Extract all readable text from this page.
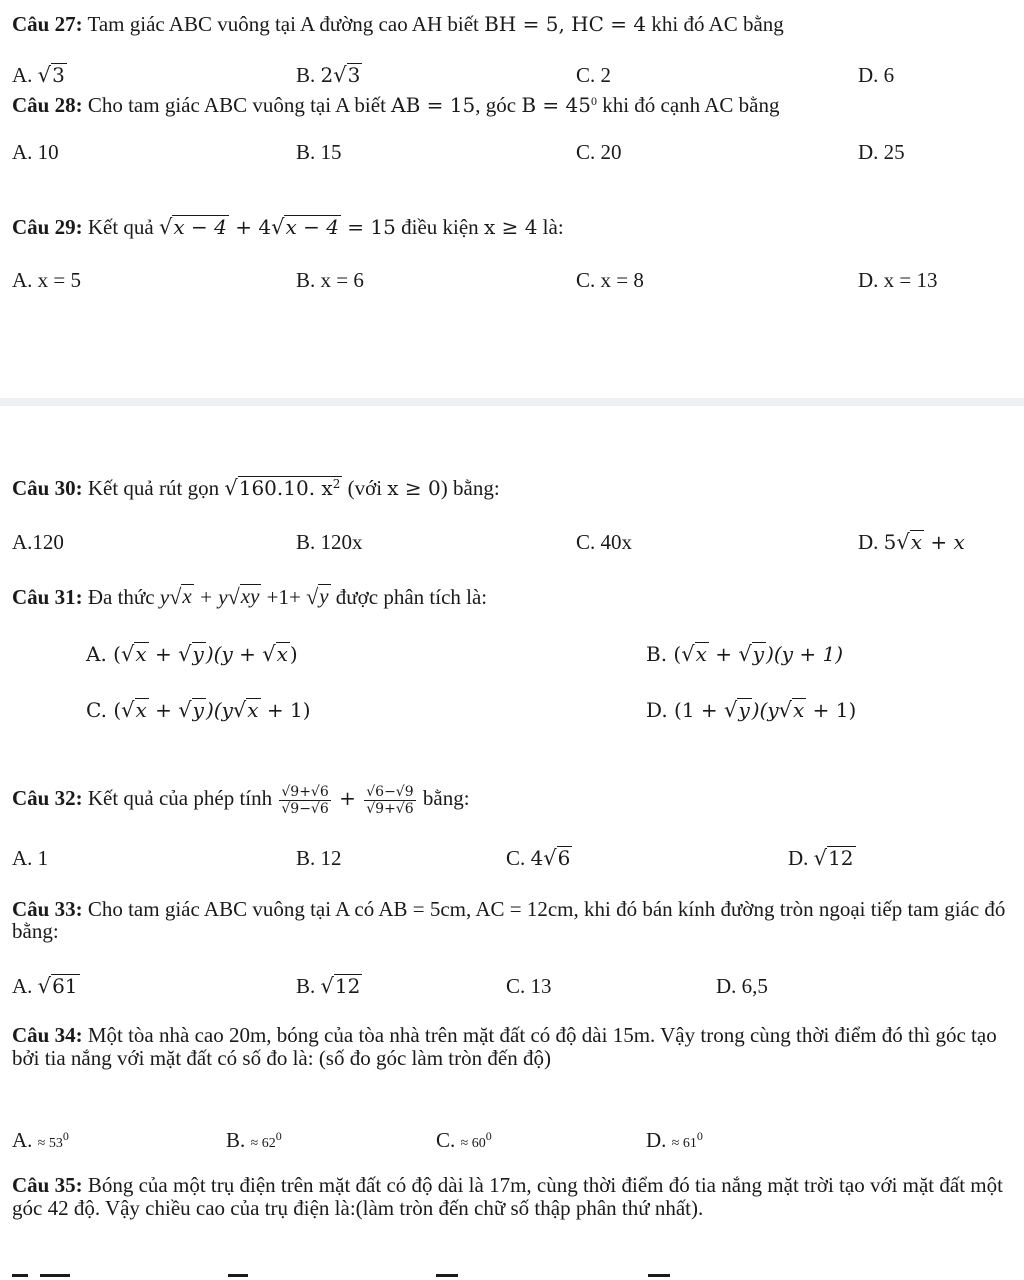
Câu 27: Tam giác ABC vuông tại A đường cao AH biết BH = 5, HC = 4 khi đó AC bằng
A. √ 3	B. 2 √ 3	C. 2	D. 6
Câu 28: Cho tam giác ABC vuông tại A biết AB = 15, góc $B = 45^0$ khi đó cạnh AC bằng
A. 10	B. 15	C. 20	D. 25
Câu 29: Kết quả √ x − 4 + 4 √ x − 4 = 15 điều kiện x ≥ 4 là:
A. x = 5	B. x = 6	C. x = 8	D. x = 13
Câu 30: Kết quả rút gọn √ 160.10. $x^2$ (với x ≥ 0) bằng:
A.120	B. 120x	C. 40x	D. 5 √ x + x
Câu 31: Đa thức y √ x + y √ xy +1+ √ y được phân tích là:
A. ( √ x + √ y )(y + √ x )	B. ( √ x + √ y )(y + 1)
C. ( √ x + √ y )(y √ x + 1)	D. (1 + √ y )(y √ x + 1)
Câu 32: Kết quả của phép tính $\frac{√9+√6}{√9-√6} + \frac{√6-√9}{√9+√6}$ bằng:
A. 1	B. 12	C. 4 √ 6	D. √ 12
Câu 33: Cho tam giác ABC vuông tại A có AB = 5cm, AC = 12cm, khi đó bán kính đường tròn ngoại tiếp tam giác đó bằng:
A. √ 61	B. √ 12	C. 13	D. 6,5
Câu 34: Một tòa nhà cao 20m, bóng của tòa nhà trên mặt đất có độ dài 15m. Vậy trong cùng thời điểm đó thì góc tạo bởi tia nắng với mặt đất có số đo là: (số đo góc làm tròn đến độ)
A. ≈ $53^0$	B. ≈ $62^0$	C. ≈ $60^0$	D. ≈ $61^0$
Câu 35: Bóng của một trụ điện trên mặt đất có độ dài là 17m, cùng thời điểm đó tia nắng mặt trời tạo với mặt đất một góc 42 độ. Vậy chiều cao của trụ điện là:(làm tròn đến chữ số thập phân thứ nhất).
